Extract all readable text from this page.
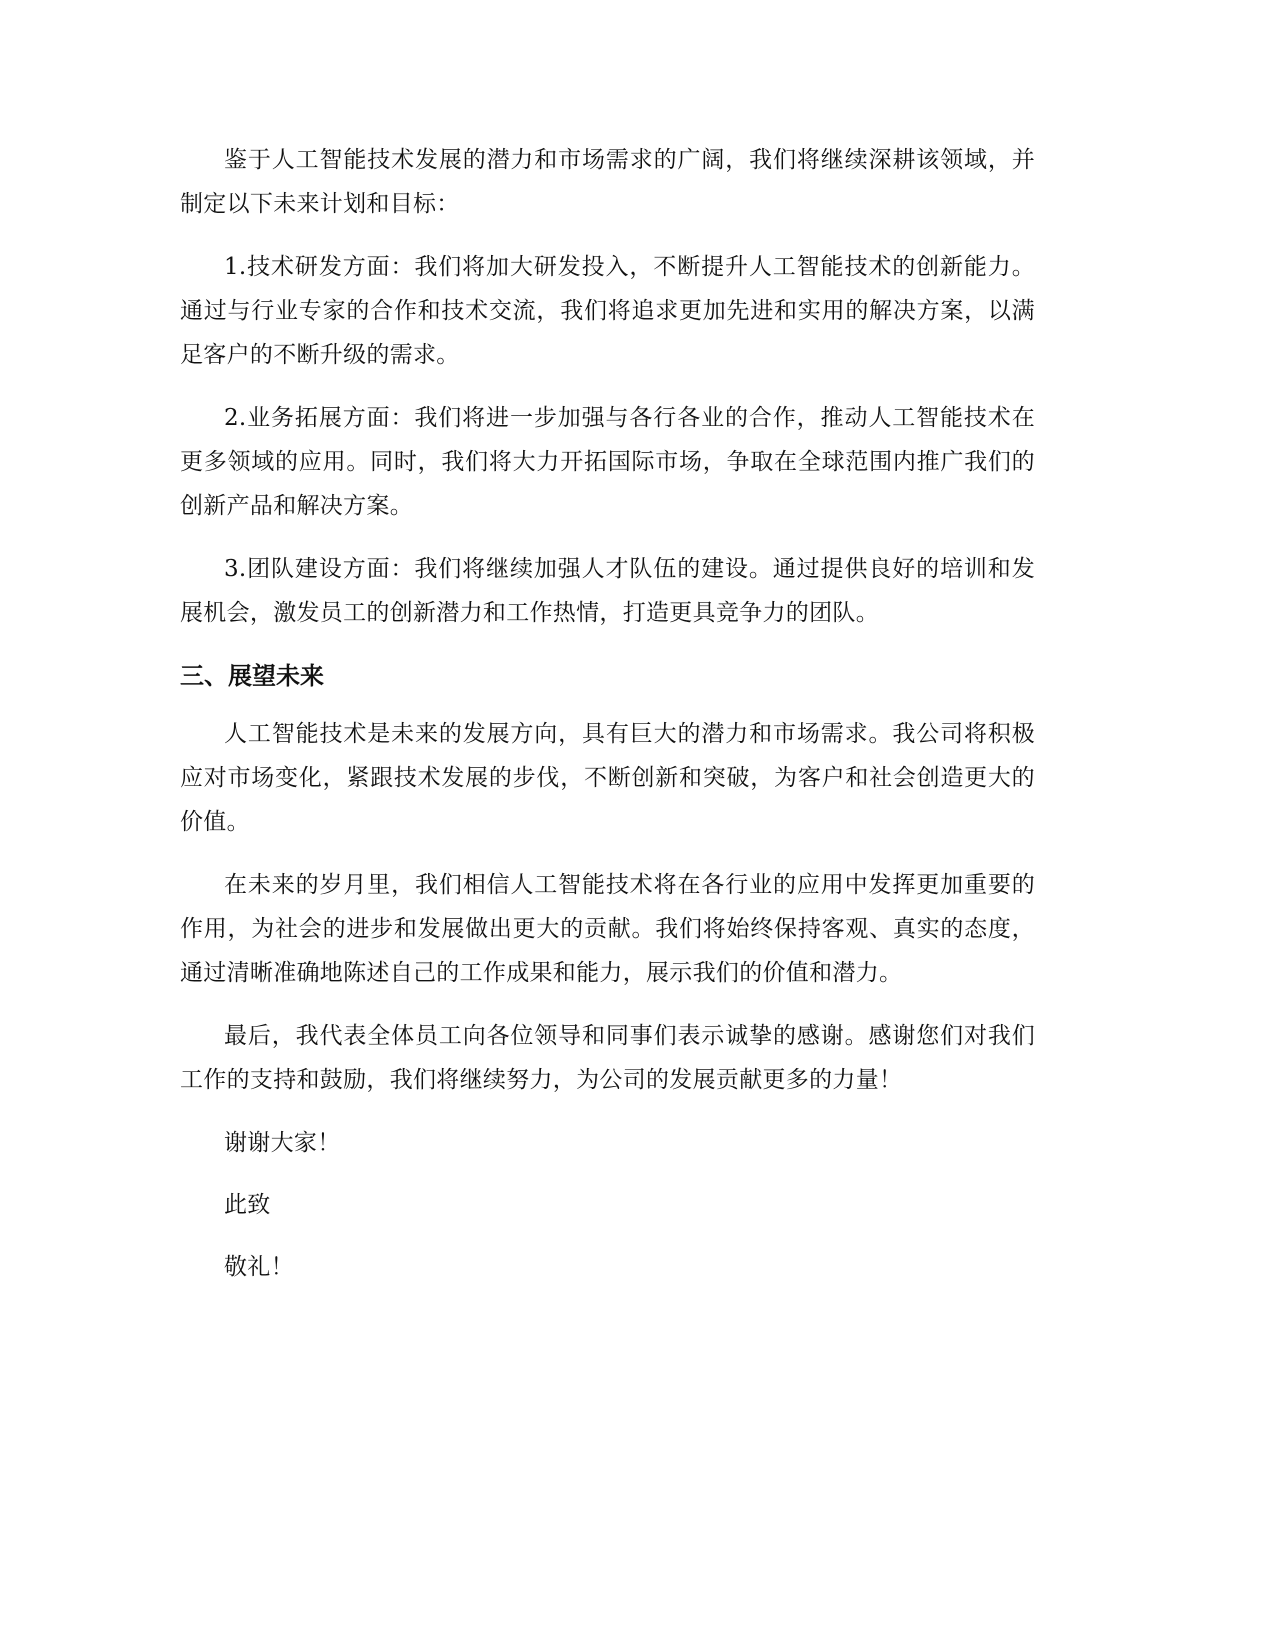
鉴于人工智能技术发展的潜力和市场需求的广阔，我们将继续深耕该领域，并制定以下未来计划和目标：

1.技术研发方面：我们将加大研发投入，不断提升人工智能技术的创新能力。通过与行业专家的合作和技术交流，我们将追求更加先进和实用的解决方案，以满足客户的不断升级的需求。

2.业务拓展方面：我们将进一步加强与各行各业的合作，推动人工智能技术在更多领域的应用。同时，我们将大力开拓国际市场，争取在全球范围内推广我们的创新产品和解决方案。

3.团队建设方面：我们将继续加强人才队伍的建设。通过提供良好的培训和发展机会，激发员工的创新潜力和工作热情，打造更具竞争力的团队。

三、展望未来

人工智能技术是未来的发展方向，具有巨大的潜力和市场需求。我公司将积极应对市场变化，紧跟技术发展的步伐，不断创新和突破，为客户和社会创造更大的价值。

在未来的岁月里，我们相信人工智能技术将在各行业的应用中发挥更加重要的作用，为社会的进步和发展做出更大的贡献。我们将始终保持客观、真实的态度，通过清晰准确地陈述自己的工作成果和能力，展示我们的价值和潜力。

最后，我代表全体员工向各位领导和同事们表示诚挚的感谢。感谢您们对我们工作的支持和鼓励，我们将继续努力，为公司的发展贡献更多的力量！

谢谢大家！

此致

敬礼！
